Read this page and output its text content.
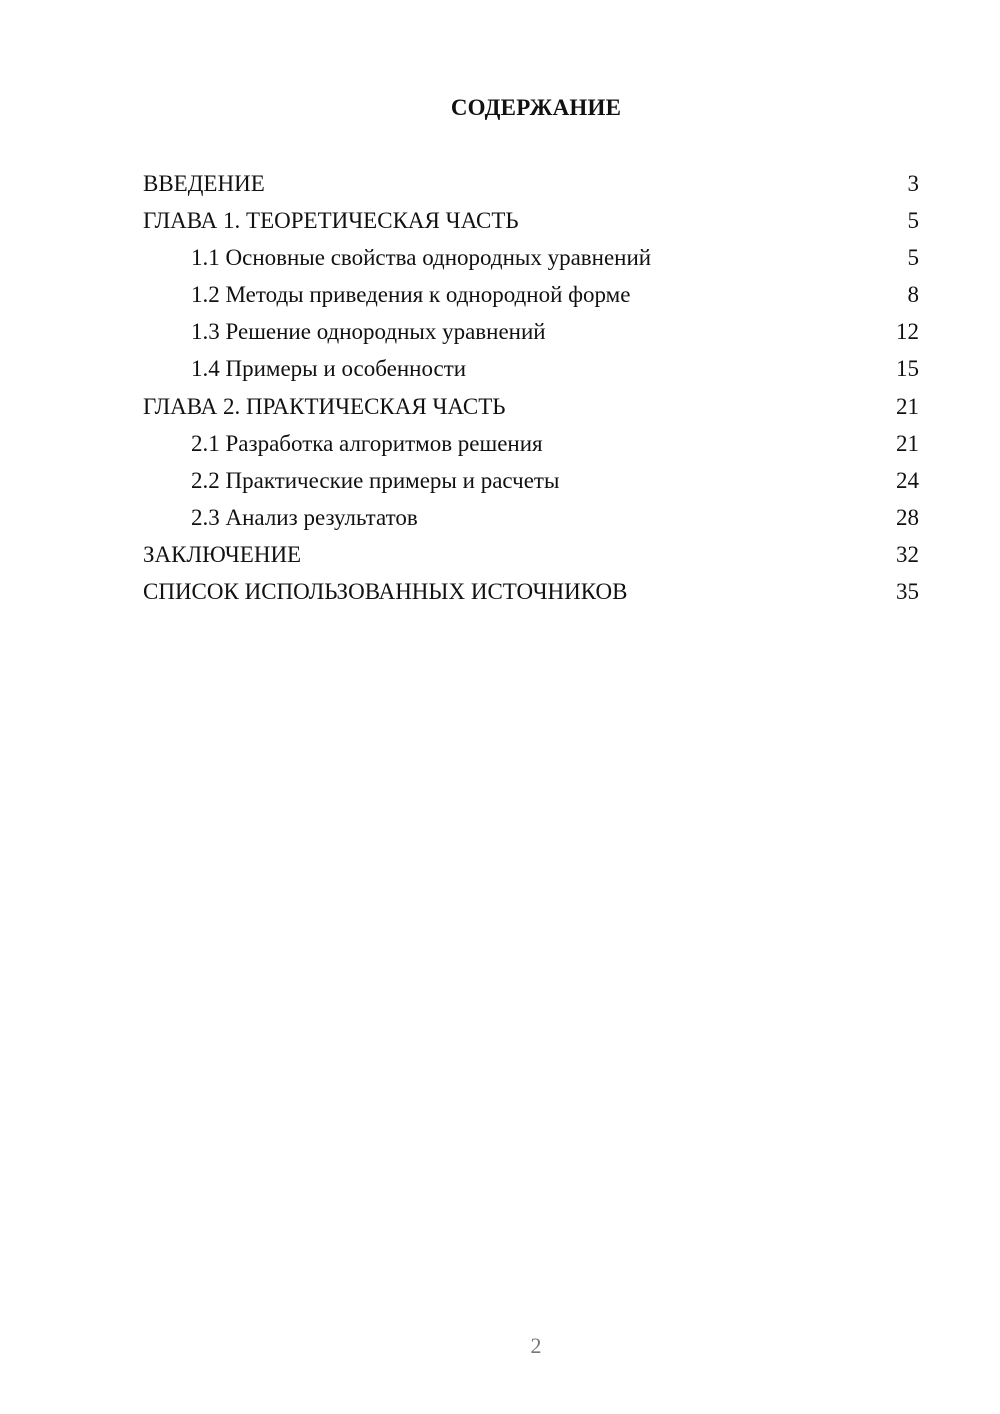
СОДЕРЖАНИЕ
ВВЕДЕНИЕ	3
ГЛАВА 1. ТЕОРЕТИЧЕСКАЯ ЧАСТЬ	5
1.1 Основные свойства однородных уравнений	5
1.2 Методы приведения к однородной форме	8
1.3 Решение однородных уравнений	12
1.4 Примеры и особенности	15
ГЛАВА 2. ПРАКТИЧЕСКАЯ ЧАСТЬ	21
2.1 Разработка алгоритмов решения	21
2.2 Практические примеры и расчеты	24
2.3 Анализ результатов	28
ЗАКЛЮЧЕНИЕ	32
СПИСОК ИСПОЛЬЗОВАННЫХ ИСТОЧНИКОВ	35
2
